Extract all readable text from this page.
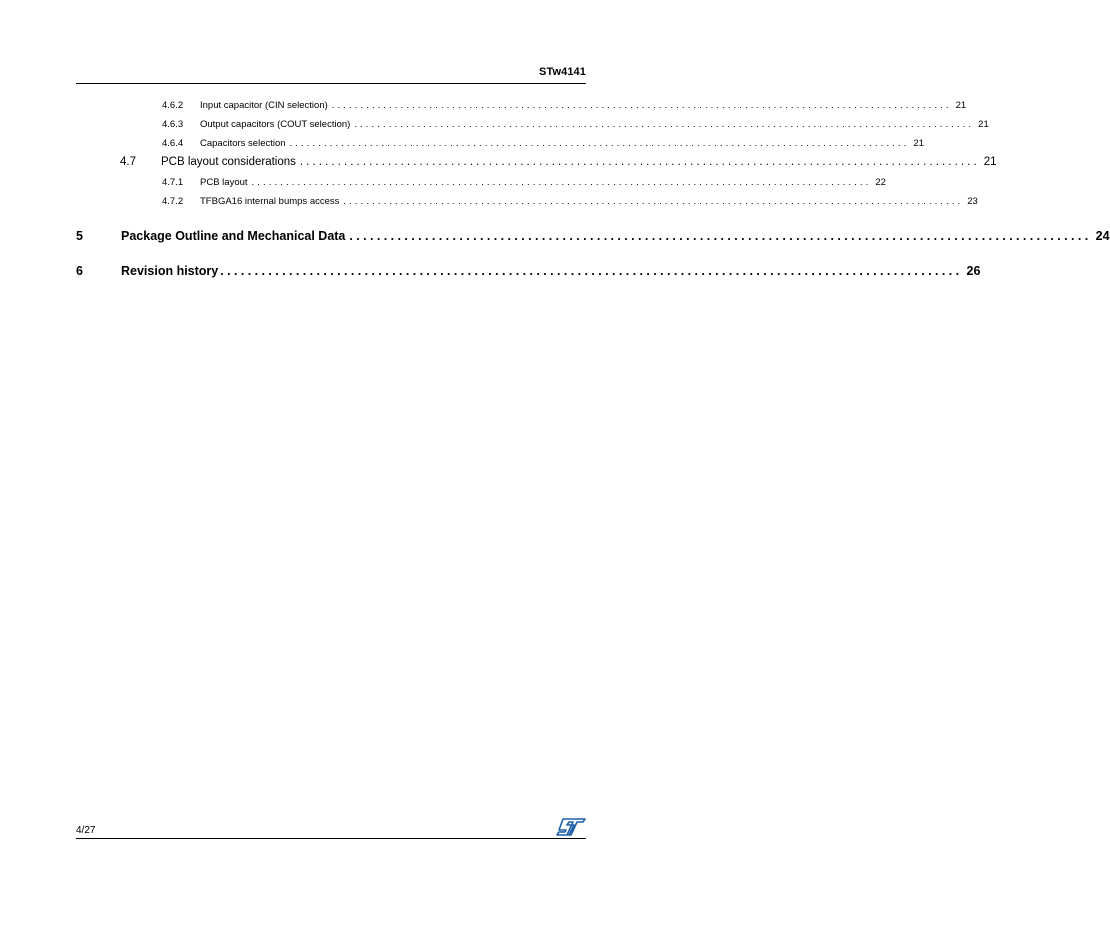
STw4141
4.6.2	Input capacitor (CIN selection) ............................................................................................................ 21
4.6.3	Output capacitors (COUT selection) ............................................................................................................ 21
4.6.4	Capacitors selection ............................................................................................................ 21
4.7	PCB layout considerations ............................................................................................................ 21
4.7.1	PCB layout ............................................................................................................ 22
4.7.2	TFBGA16 internal bumps access ............................................................................................................ 23
5	Package Outline and Mechanical Data ............................................................................................................ 24
6	Revision history ............................................................................................................ 26
4/27
